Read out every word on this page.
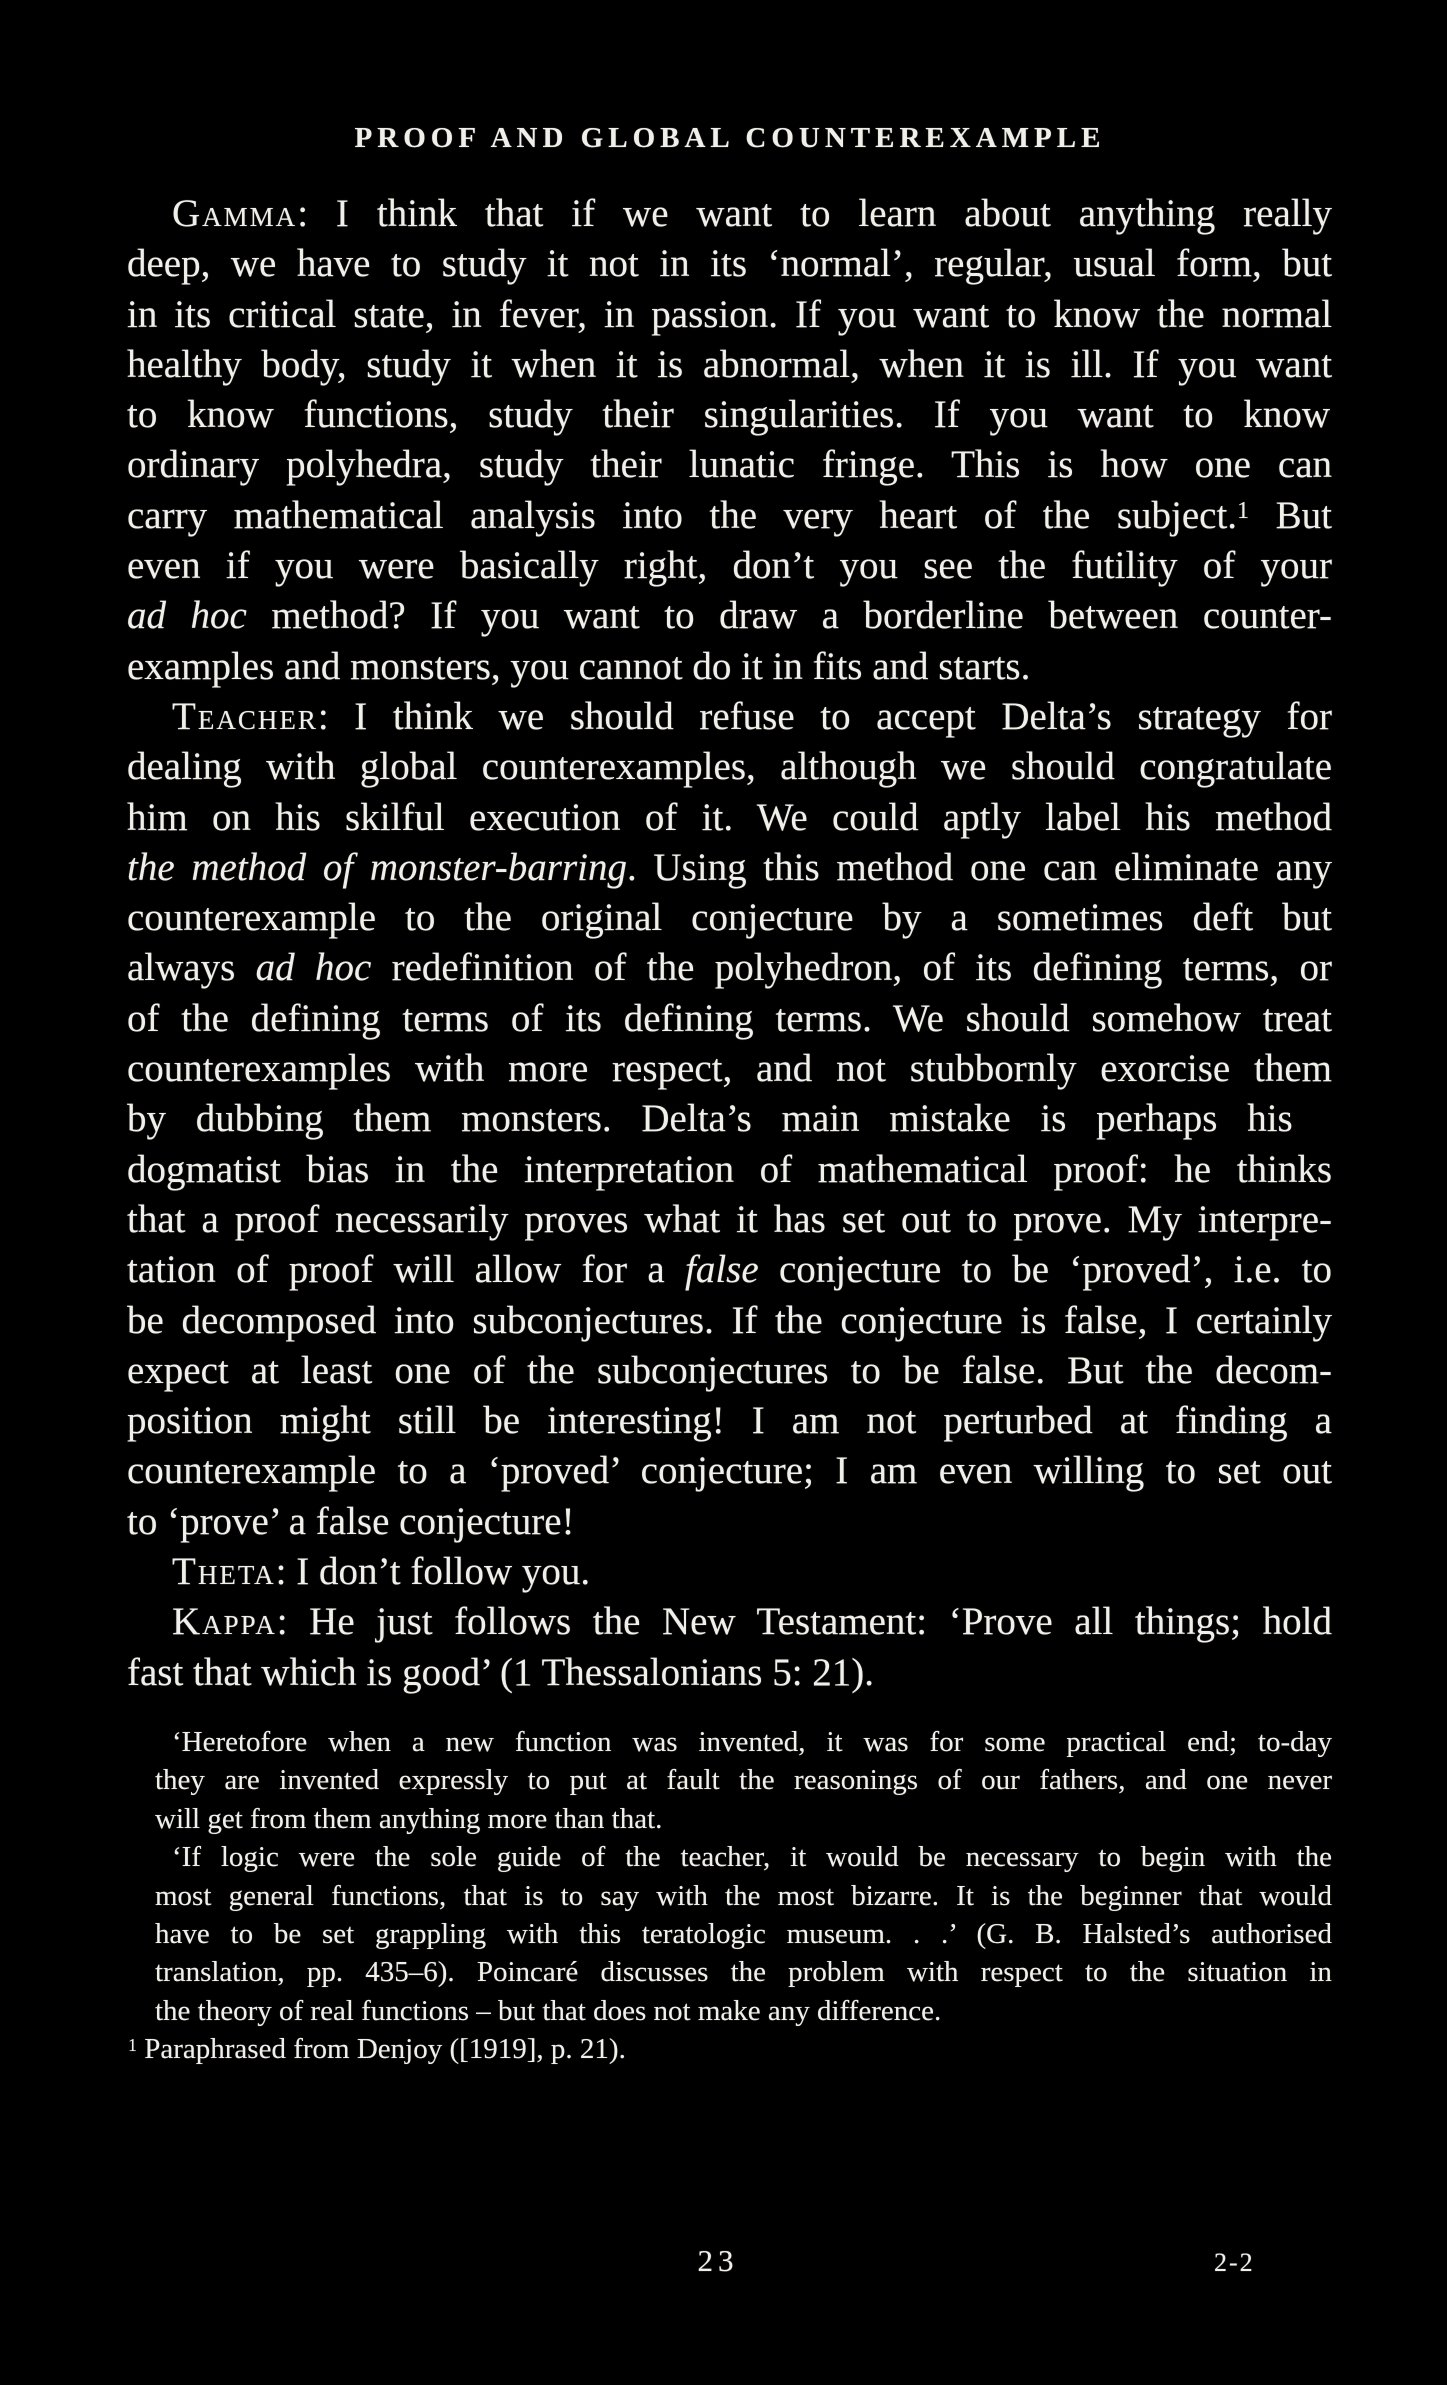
PROOF AND GLOBAL COUNTEREXAMPLE
Gamma: I think that if we want to learn about anything really
deep, we have to study it not in its ‘normal’, regular, usual form, but
in its critical state, in fever, in passion. If you want to know the normal
healthy body, study it when it is abnormal, when it is ill. If you want
to know functions, study their singularities. If you want to know
ordinary polyhedra, study their lunatic fringe. This is how one can
carry mathematical analysis into the very heart of the subject.$^1$ But
even if you were basically right, don’t you see the futility of your
ad hoc method? If you want to draw a borderline between counter-
examples and monsters, you cannot do it in fits and starts.
Teacher: I think we should refuse to accept Delta’s strategy for
dealing with global counterexamples, although we should congratulate
him on his skilful execution of it. We could aptly label his method
the method of monster-barring. Using this method one can eliminate any
counterexample to the original conjecture by a sometimes deft but
always ad hoc redefinition of the polyhedron, of its defining terms, or
of the defining terms of its defining terms. We should somehow treat
counterexamples with more respect, and not stubbornly exorcise them
by dubbing them monsters. Delta’s main mistake is perhaps his
dogmatist bias in the interpretation of mathematical proof: he thinks
that a proof necessarily proves what it has set out to prove. My interpre-
tation of proof will allow for a false conjecture to be ‘proved’, i.e. to
be decomposed into subconjectures. If the conjecture is false, I certainly
expect at least one of the subconjectures to be false. But the decom-
position might still be interesting! I am not perturbed at finding a
counterexample to a ‘proved’ conjecture; I am even willing to set out
to ‘prove’ a false conjecture!
Theta: I don’t follow you.
Kappa: He just follows the New Testament: ‘Prove all things; hold
fast that which is good’ (1 Thessalonians 5: 21).
‘Heretofore when a new function was invented, it was for some practical end; to-day
they are invented expressly to put at fault the reasonings of our fathers, and one never
will get from them anything more than that.
‘If logic were the sole guide of the teacher, it would be necessary to begin with the
most general functions, that is to say with the most bizarre. It is the beginner that would
have to be set grappling with this teratologic museum. . .’ (G. B. Halsted’s authorised
translation, pp. 435–6). Poincaré discusses the problem with respect to the situation in
the theory of real functions – but that does not make any difference.
$^1$ Paraphrased from Denjoy ([1919], p. 21).
23	2-2
